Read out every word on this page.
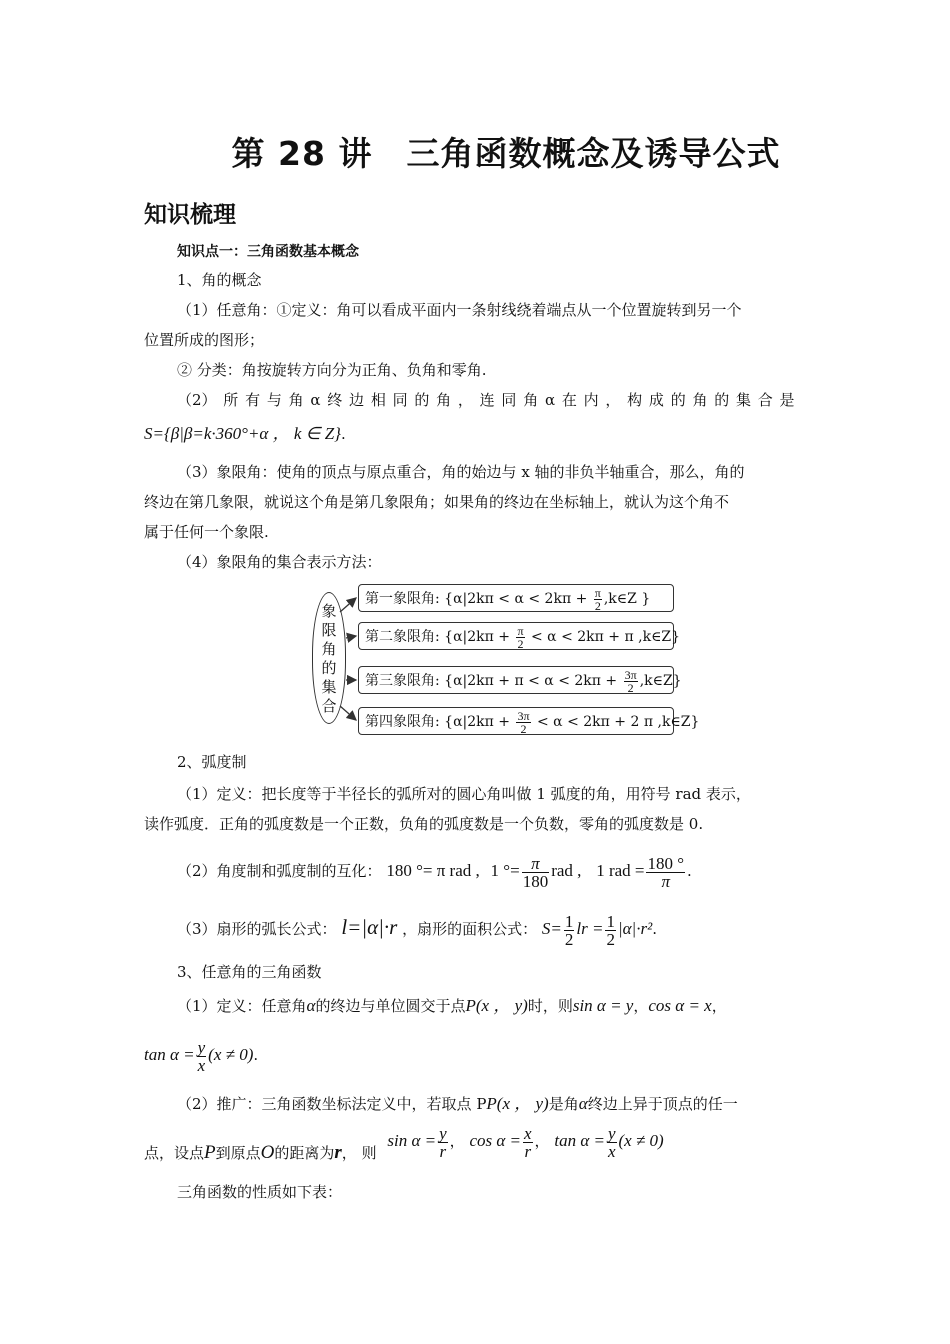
第 28 讲　三角函数概念及诱导公式
知识梳理
知识点一：三角函数基本概念
1、角的概念
（1）任意角：①定义：角可以看成平面内一条射线绕着端点从一个位置旋转到另一个
位置所成的图形；
② 分类：角按旋转方向分为正角、负角和零角.
（2） 所 有 与 角 α 终 边 相 同 的 角 ， 连 同 角 α 在 内 ， 构 成 的 角 的 集 合 是
S={β|β=k·360°+α ， k ∈ Z}.
（3）象限角：使角的顶点与原点重合，角的始边与 x 轴的非负半轴重合，那么，角的
终边在第几象限，就说这个角是第几象限角；如果角的终边在坐标轴上，就认为这个角不
属于任何一个象限.
（4）象限角的集合表示方法：
象
限
角
的
集
合
第一象限角: {$\alpha|2k\pi < \alpha < 2k\pi + \frac{\pi}{2}$ ,k∈Z }
第二象限角: {$\alpha|2k\pi + \frac{\pi}{2} < \alpha < 2k\pi + \pi$ ,k∈Z}
第三象限角: {$\alpha|2k\pi + \pi < \alpha < 2k\pi + \frac{3\pi}{2}$ ,k∈Z}
第四象限角: {$\alpha|2k\pi + \frac{3\pi}{2} < \alpha < 2k\pi + 2$ π ,k∈Z}
2、弧度制
（1）定义：把长度等于半径长的弧所对的圆心角叫做 1 弧度的角，用符号 rad 表示，
读作弧度．正角的弧度数是一个正数，负角的弧度数是一个负数，零角的弧度数是 0.
（2）角度制和弧度制的互化： 180 °= π rad , 1 °= $\frac{\pi}{180}$ rad , 1 rad = $\frac{180 ^\circ}{\pi}$ .
（3）扇形的弧长公式： l=|α|·r ，扇形的面积公式： $S= \frac{1}{2}$ lr = $\frac{1}{2} |\alpha|\cdot r^2$.
3、任意角的三角函数
（1）定义：任意角α的终边与单位圆交于点P(x ， y)时，则sin α = y，cos α = x，
$\tan \alpha = \frac{y}{x} (x \ne 0)$.
（2）推广：三角函数坐标法定义中，若取点 PP(x ， y)是角α终边上异于顶点的任一
点，设点P到原点O的距离为r， 则 $\sin \alpha = \frac{y}{r}$ ， $\cos \alpha = \frac{x}{r}$ ， $\tan \alpha = \frac{y}{x} (x \ne 0)$
三角函数的性质如下表：
